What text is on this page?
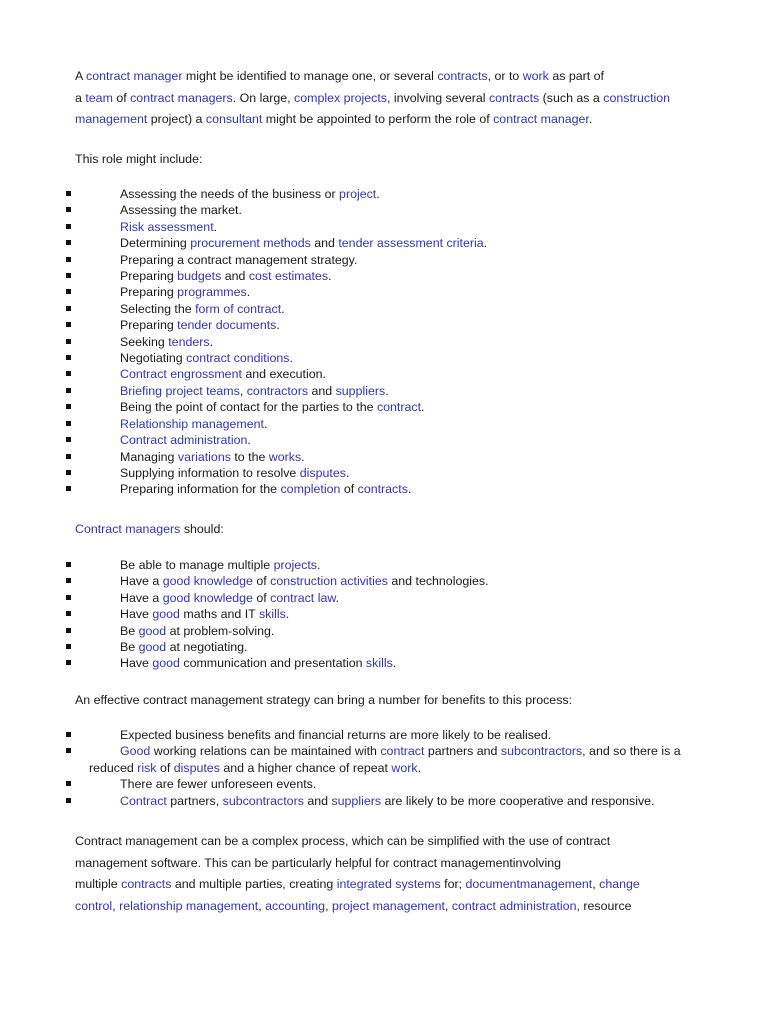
A contract manager might be identified to manage one, or several contracts, or to work as part of
a team of contract managers. On large, complex projects, involving several contracts (such as a construction
management project) a consultant might be appointed to perform the role of contract manager.

This role might include:

Assessing the needs of the business or project.
Assessing the market.
Risk assessment.
Determining procurement methods and tender assessment criteria.
Preparing a contract management strategy.
Preparing budgets and cost estimates.
Preparing programmes.
Selecting the form of contract.
Preparing tender documents.
Seeking tenders.
Negotiating contract conditions.
Contract engrossment and execution.
Briefing project teams, contractors and suppliers.
Being the point of contact for the parties to the contract.
Relationship management.
Contract administration.
Managing variations to the works.
Supplying information to resolve disputes.
Preparing information for the completion of contracts.

Contract managers should:

Be able to manage multiple projects.
Have a good knowledge of construction activities and technologies.
Have a good knowledge of contract law.
Have good maths and IT skills.
Be good at problem-solving.
Be good at negotiating.
Have good communication and presentation skills.

An effective contract management strategy can bring a number for benefits to this process:

Expected business benefits and financial returns are more likely to be realised.
Good working relations can be maintained with contract partners and subcontractors, and so there is a reduced risk of disputes and a higher chance of repeat work.
There are fewer unforeseen events.
Contract partners, subcontractors and suppliers are likely to be more cooperative and responsive.

Contract management can be a complex process, which can be simplified with the use of contract
management software. This can be particularly helpful for contract managementinvolving
multiple contracts and multiple parties, creating integrated systems for; documentmanagement, change
control, relationship management, accounting, project management, contract administration, resource
